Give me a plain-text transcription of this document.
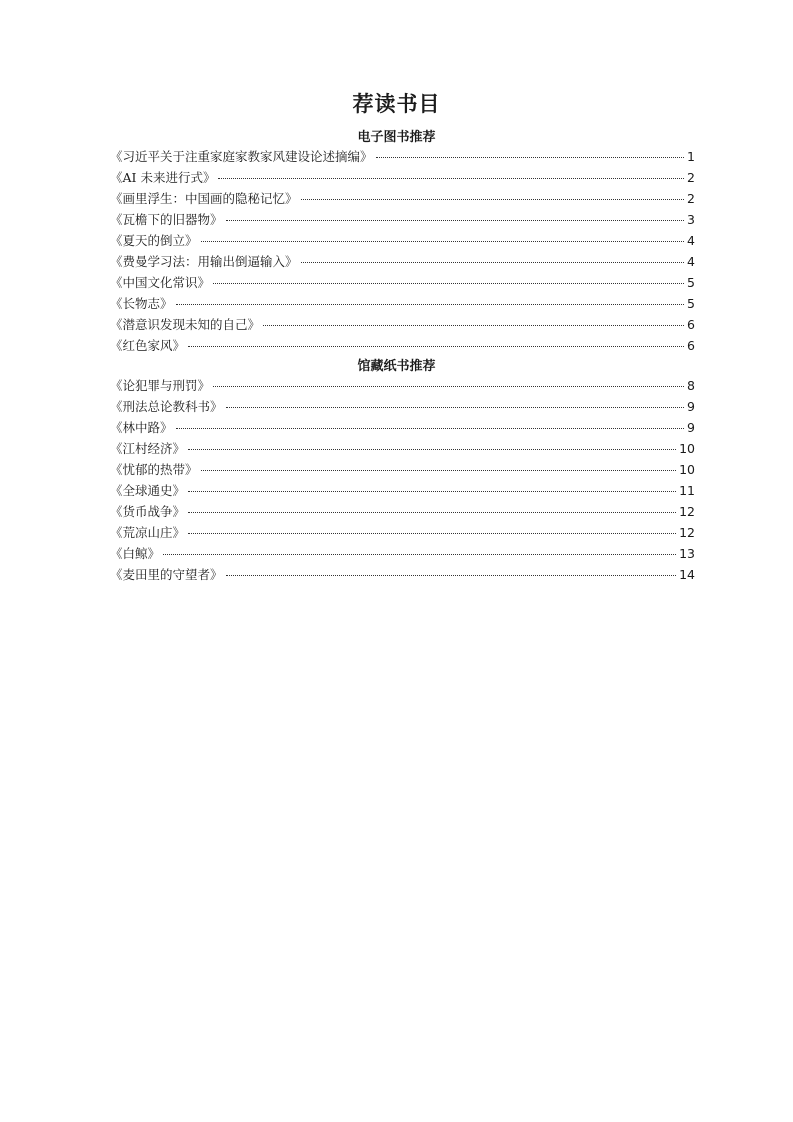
荐读书目
电子图书推荐
《习近平关于注重家庭家教家风建设论述摘编》	1
《AI 未来进行式》	2
《画里浮生：中国画的隐秘记忆》	2
《瓦檐下的旧器物》	3
《夏天的倒立》	4
《费曼学习法：用输出倒逼输入》	4
《中国文化常识》	5
《长物志》	5
《潜意识发现未知的自己》	6
《红色家风》	6
馆藏纸书推荐
《论犯罪与刑罚》	8
《刑法总论教科书》	9
《林中路》	9
《江村经济》	10
《忧郁的热带》	10
《全球通史》	11
《货币战争》	12
《荒凉山庄》	12
《白鲸》	13
《麦田里的守望者》	14
